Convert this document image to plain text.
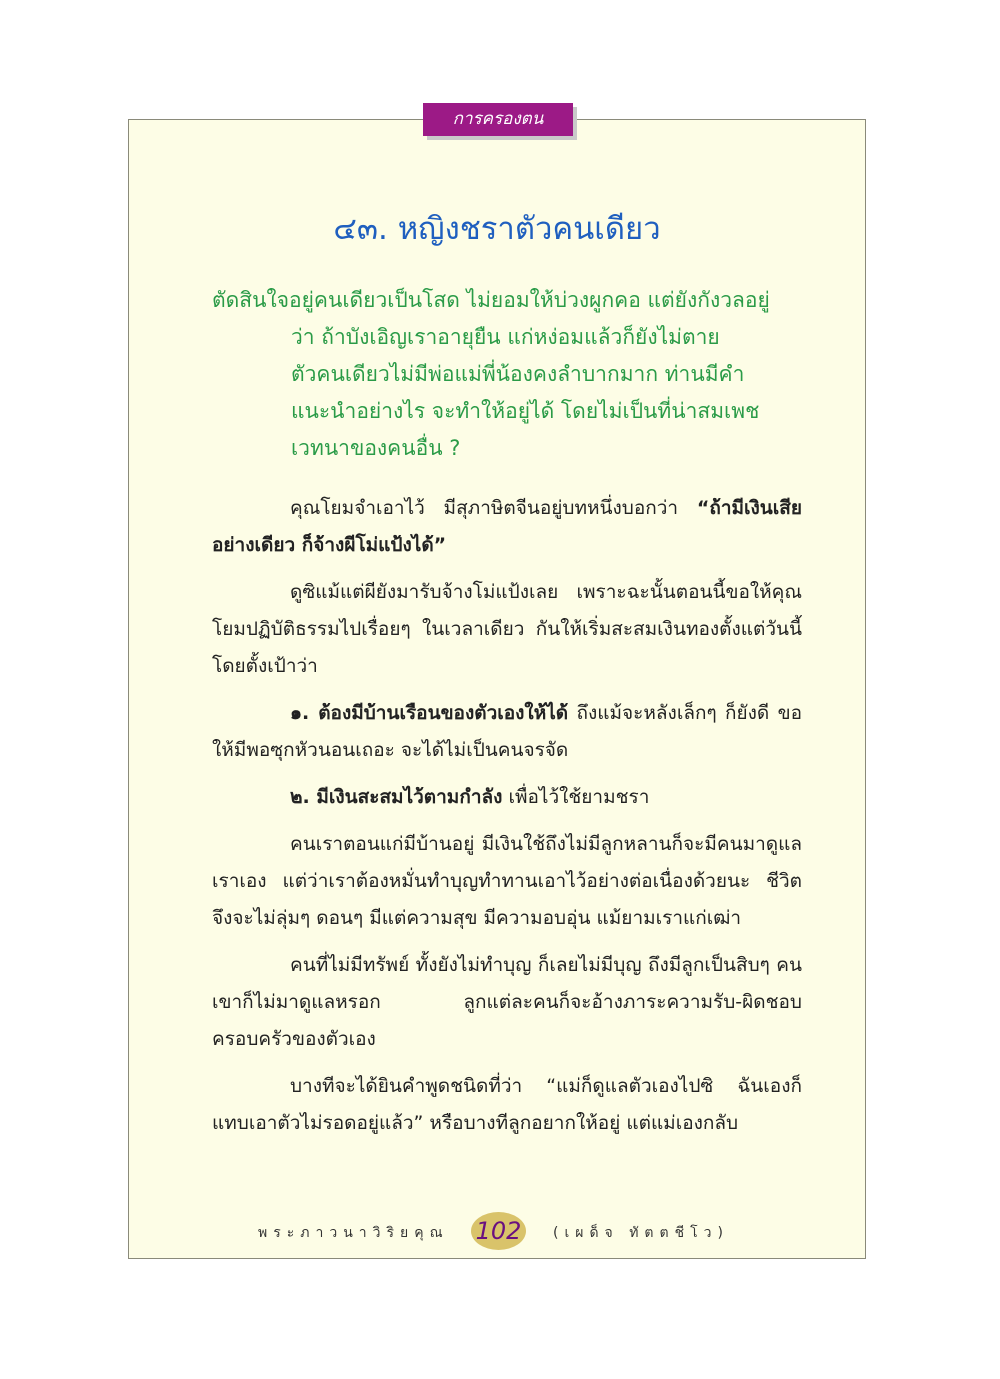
การครองตน
๔๓. หญิงชราตัวคนเดียว
ตัดสินใจอยู่คนเดียวเป็นโสด ไม่ยอมให้บ่วงผูกคอ แต่ยังกังวลอยู่
ว่า ถ้าบังเอิญเราอายุยืน แก่หง่อมแล้วก็ยังไม่ตาย
ตัวคนเดียวไม่มีพ่อแม่พี่น้องคงลำบากมาก ท่านมีคำ
แนะนำอย่างไร จะทำให้อยู่ได้ โดยไม่เป็นที่น่าสมเพช
เวทนาของคนอื่น ?

คุณโยมจำเอาไว้ มีสุภาษิตจีนอยู่บทหนึ่งบอกว่า “ถ้ามีเงินเสียอย่างเดียว ก็จ้างผีโม่แป้งได้”

ดูซิแม้แต่ผียังมารับจ้างโม่แป้งเลย เพราะฉะนั้นตอนนี้ขอให้คุณโยมปฏิบัติธรรมไปเรื่อยๆ ในเวลาเดียว กันให้เริ่มสะสมเงินทองตั้งแต่วันนี้ โดยตั้งเป้าว่า

๑. ต้องมีบ้านเรือนของตัวเองให้ได้ ถึงแม้จะหลังเล็กๆ ก็ยังดี ขอให้มีพอซุกหัวนอนเถอะ จะได้ไม่เป็นคนจรจัด

๒. มีเงินสะสมไว้ตามกำลัง เพื่อไว้ใช้ยามชรา

คนเราตอนแก่มีบ้านอยู่ มีเงินใช้ถึงไม่มีลูกหลานก็จะมีคนมาดูแลเราเอง แต่ว่าเราต้องหมั่นทำบุญทำทานเอาไว้อย่างต่อเนื่องด้วยนะ ชีวิตจึงจะไม่ลุ่มๆ ดอนๆ มีแต่ความสุข มีความอบอุ่น แม้ยามเราแก่เฒ่า

คนที่ไม่มีทรัพย์ ทั้งยังไม่ทำบุญ ก็เลยไม่มีบุญ ถึงมีลูกเป็นสิบๆ คน เขาก็ไม่มาดูแลหรอก ลูกแต่ละคนก็จะอ้างภาระความรับ-ผิดชอบครอบครัวของตัวเอง

บางทีจะได้ยินคำพูดชนิดที่ว่า “แม่ก็ดูแลตัวเองไปซิ ฉันเองก็แทบเอาตัวไม่รอดอยู่แล้ว” หรือบางทีลูกอยากให้อยู่ แต่แม่เองกลับ

พระภาวนาวิริยคุณ 102	(เผด็จ ทัตตชีโว)
